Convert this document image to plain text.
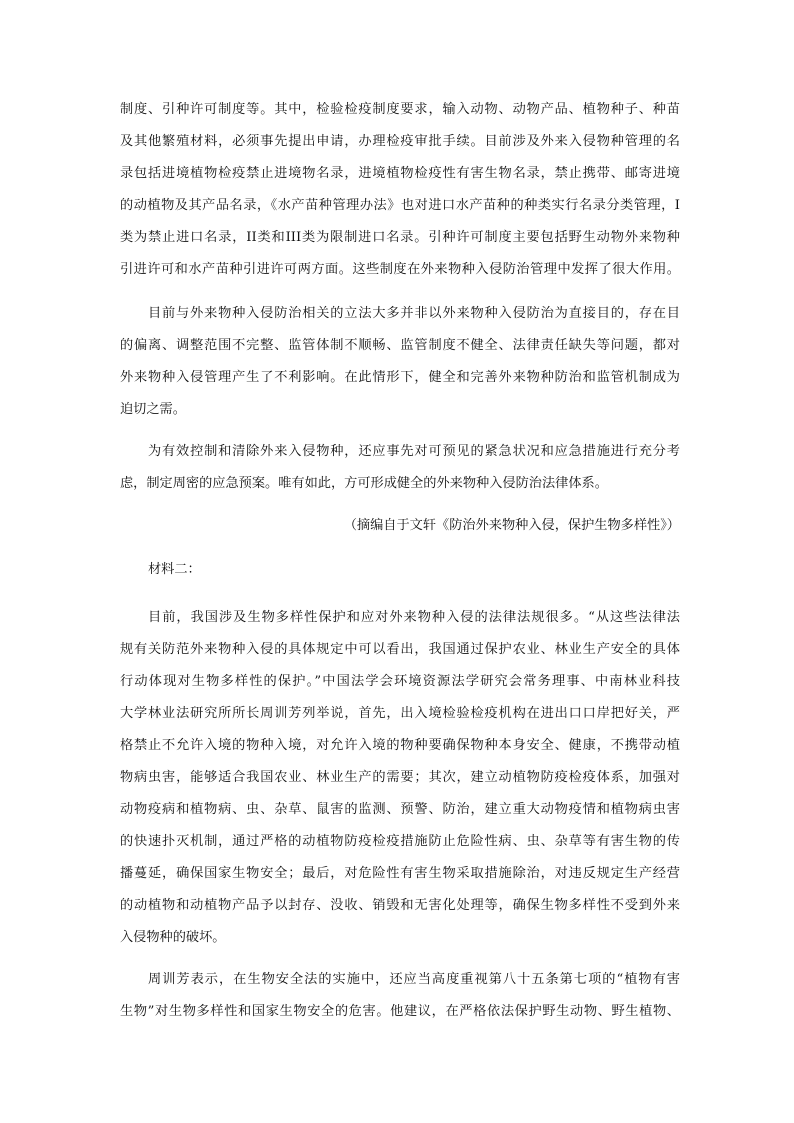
制度、引种许可制度等。其中，检验检疫制度要求，输入动物、动物产品、植物种子、种苗
及其他繁殖材料，必须事先提出申请，办理检疫审批手续。目前涉及外来入侵物种管理的名
录包括进境植物检疫禁止进境物名录，进境植物检疫性有害生物名录，禁止携带、邮寄进境
的动植物及其产品名录，《水产苗种管理办法》也对进口水产苗种的种类实行名录分类管理，I
类为禁止进口名录，II类和III类为限制进口名录。引种许可制度主要包括野生动物外来物种
引进许可和水产苗种引进许可两方面。这些制度在外来物种入侵防治管理中发挥了很大作用。
目前与外来物种入侵防治相关的立法大多并非以外来物种入侵防治为直接目的，存在目
的偏离、调整范围不完整、监管体制不顺畅、监管制度不健全、法律责任缺失等问题，都对
外来物种入侵管理产生了不利影响。在此情形下，健全和完善外来物种防治和监管机制成为
迫切之需。
为有效控制和清除外来入侵物种，还应事先对可预见的紧急状况和应急措施进行充分考
虑，制定周密的应急预案。唯有如此，方可形成健全的外来物种入侵防治法律体系。
（摘编自于文轩《防治外来物种入侵，保护生物多样性》）
材料二：
目前，我国涉及生物多样性保护和应对外来物种入侵的法律法规很多。“从这些法律法
规有关防范外来物种入侵的具体规定中可以看出，我国通过保护农业、林业生产安全的具体
行动体现对生物多样性的保护。”中国法学会环境资源法学研究会常务理事、中南林业科技
大学林业法研究所所长周训芳列举说，首先，出入境检验检疫机构在进出口口岸把好关，严
格禁止不允许入境的物种入境，对允许入境的物种要确保物种本身安全、健康，不携带动植
物病虫害，能够适合我国农业、林业生产的需要；其次，建立动植物防疫检疫体系，加强对
动物疫病和植物病、虫、杂草、鼠害的监测、预警、防治，建立重大动物疫情和植物病虫害
的快速扑灭机制，通过严格的动植物防疫检疫措施防止危险性病、虫、杂草等有害生物的传
播蔓延，确保国家生物安全；最后，对危险性有害生物采取措施除治，对违反规定生产经营
的动植物和动植物产品予以封存、没收、销毁和无害化处理等，确保生物多样性不受到外来
入侵物种的破坏。
周训芳表示，在生物安全法的实施中，还应当高度重视第八十五条第七项的“植物有害
生物”对生物多样性和国家生物安全的危害。他建议，在严格依法保护野生动物、野生植物、
